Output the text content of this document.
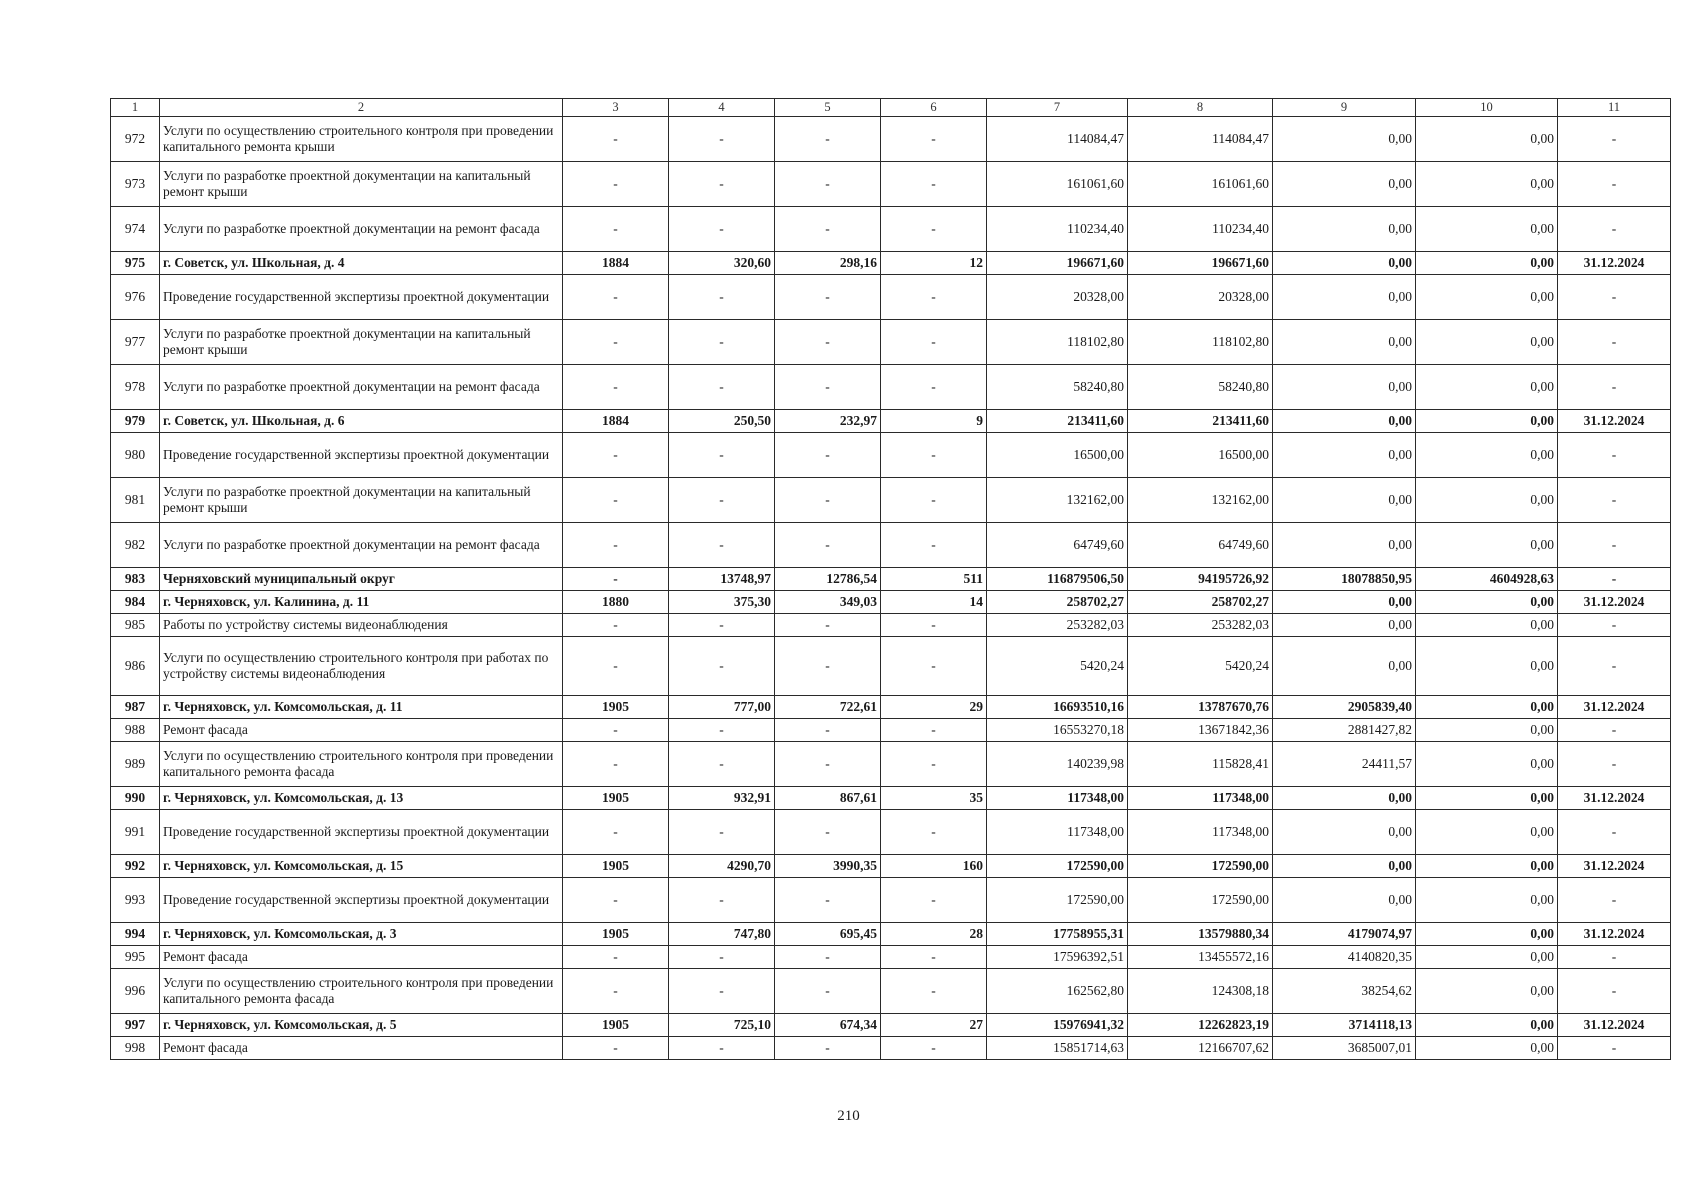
1	2	3	4	5	6	7	8	9	10	11
972	Услуги по осуществлению строительного контроля при проведении капитального ремонта крыши	-	-	-	-	114084,47	114084,47	0,00	0,00	-
973	Услуги по разработке проектной документации на капитальный ремонт крыши	-	-	-	-	161061,60	161061,60	0,00	0,00	-
974	Услуги по разработке проектной документации на ремонт фасада	-	-	-	-	110234,40	110234,40	0,00	0,00	-
975	г. Советск, ул. Школьная, д. 4	1884	320,60	298,16	12	196671,60	196671,60	0,00	0,00	31.12.2024
976	Проведение государственной экспертизы проектной документации	-	-	-	-	20328,00	20328,00	0,00	0,00	-
977	Услуги по разработке проектной документации на капитальный ремонт крыши	-	-	-	-	118102,80	118102,80	0,00	0,00	-
978	Услуги по разработке проектной документации на ремонт фасада	-	-	-	-	58240,80	58240,80	0,00	0,00	-
979	г. Советск, ул. Школьная, д. 6	1884	250,50	232,97	9	213411,60	213411,60	0,00	0,00	31.12.2024
980	Проведение государственной экспертизы проектной документации	-	-	-	-	16500,00	16500,00	0,00	0,00	-
981	Услуги по разработке проектной документации на капитальный ремонт крыши	-	-	-	-	132162,00	132162,00	0,00	0,00	-
982	Услуги по разработке проектной документации на ремонт фасада	-	-	-	-	64749,60	64749,60	0,00	0,00	-
983	Черняховский муниципальный округ	-	13748,97	12786,54	511	116879506,50	94195726,92	18078850,95	4604928,63	-
984	г. Черняховск, ул. Калинина, д. 11	1880	375,30	349,03	14	258702,27	258702,27	0,00	0,00	31.12.2024
985	Работы по устройству системы видеонаблюдения	-	-	-	-	253282,03	253282,03	0,00	0,00	-
986	Услуги по осуществлению строительного контроля при работах по устройству системы видеонаблюдения	-	-	-	-	5420,24	5420,24	0,00	0,00	-
987	г. Черняховск, ул. Комсомольская, д. 11	1905	777,00	722,61	29	16693510,16	13787670,76	2905839,40	0,00	31.12.2024
988	Ремонт фасада	-	-	-	-	16553270,18	13671842,36	2881427,82	0,00	-
989	Услуги по осуществлению строительного контроля при проведении капитального ремонта фасада	-	-	-	-	140239,98	115828,41	24411,57	0,00	-
990	г. Черняховск, ул. Комсомольская, д. 13	1905	932,91	867,61	35	117348,00	117348,00	0,00	0,00	31.12.2024
991	Проведение государственной экспертизы проектной документации	-	-	-	-	117348,00	117348,00	0,00	0,00	-
992	г. Черняховск, ул. Комсомольская, д. 15	1905	4290,70	3990,35	160	172590,00	172590,00	0,00	0,00	31.12.2024
993	Проведение государственной экспертизы проектной документации	-	-	-	-	172590,00	172590,00	0,00	0,00	-
994	г. Черняховск, ул. Комсомольская, д. 3	1905	747,80	695,45	28	17758955,31	13579880,34	4179074,97	0,00	31.12.2024
995	Ремонт фасада	-	-	-	-	17596392,51	13455572,16	4140820,35	0,00	-
996	Услуги по осуществлению строительного контроля при проведении капитального ремонта фасада	-	-	-	-	162562,80	124308,18	38254,62	0,00	-
997	г. Черняховск, ул. Комсомольская, д. 5	1905	725,10	674,34	27	15976941,32	12262823,19	3714118,13	0,00	31.12.2024
998	Ремонт фасада	-	-	-	-	15851714,63	12166707,62	3685007,01	0,00	-
210
